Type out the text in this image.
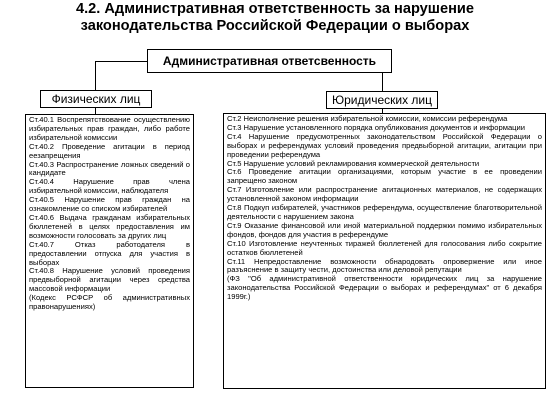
4.2. Административная ответственность за нарушение
законодательства Российской Федерации о выборах
Административная ответсвенность
Физических лиц	Юридических лиц

Ст.40.1 Воспрепятствование осуществлению избирательных прав граждан, либо работе избирательной комиссии

Ст.40.2 Проведение агитации в период еезапрещения

Ст.40.3 Распространение ложных сведений о кандидате

Ст.40.4 Нарушение прав члена избирательной комиссии, наблюдателя

Ст.40.5 Нарушение прав граждан на ознакомление со списком избирателей

Ст.40.6 Выдача гражданам избирательных бюллетеней в целях предоставления им возможности голосовать за других лиц

Ст.40.7 Отказ работодателя в предоставлении отпуска для участия в выборах

Ст.40.8 Нарушение условий проведения предвыборной агитации через средства массовой информации

(Кодекс РСФСР об административных правонарушениях)

Ст.2 Неисполнение решения избирательной комиссии, комиссии референдума

Ст.3 Нарушение установленного порядка опубликования документов и информации

Ст.4 Нарушение предусмотренных законодательством Российской Федерации о выборах и референдумах условий проведения предвыборной агитации, агитации при проведении референдума

Ст.5 Нарушение условий рекламирования коммерческой деятельности

Ст.6 Проведение агитации организациями, которым участие в ее проведении запрещено законом

Ст.7 Изготовление или распространение агитационных материалов, не содержащих установленной законом информации

Ст.8 Подкуп избирателей, участников референдума, осуществление благотворительной деятельности с нарушением закона

Ст.9 Оказание финансовой или иной материальной поддержки помимо избирательных фондов, фондов для участия в референдуме

Ст.10 Изготовление неучтенных тиражей бюллетеней для голосования либо сокрытие остатков бюллетеней

Ст.11 Непредоставление возможности обнародовать опровержение или иное разъяснение в защиту чести, достоинства или деловой репутации

(ФЗ "Об административной ответственности юридических лиц за нарушение законодательства Российской Федерации о выборах и референдумах" от 6 декабря 1999г.)
